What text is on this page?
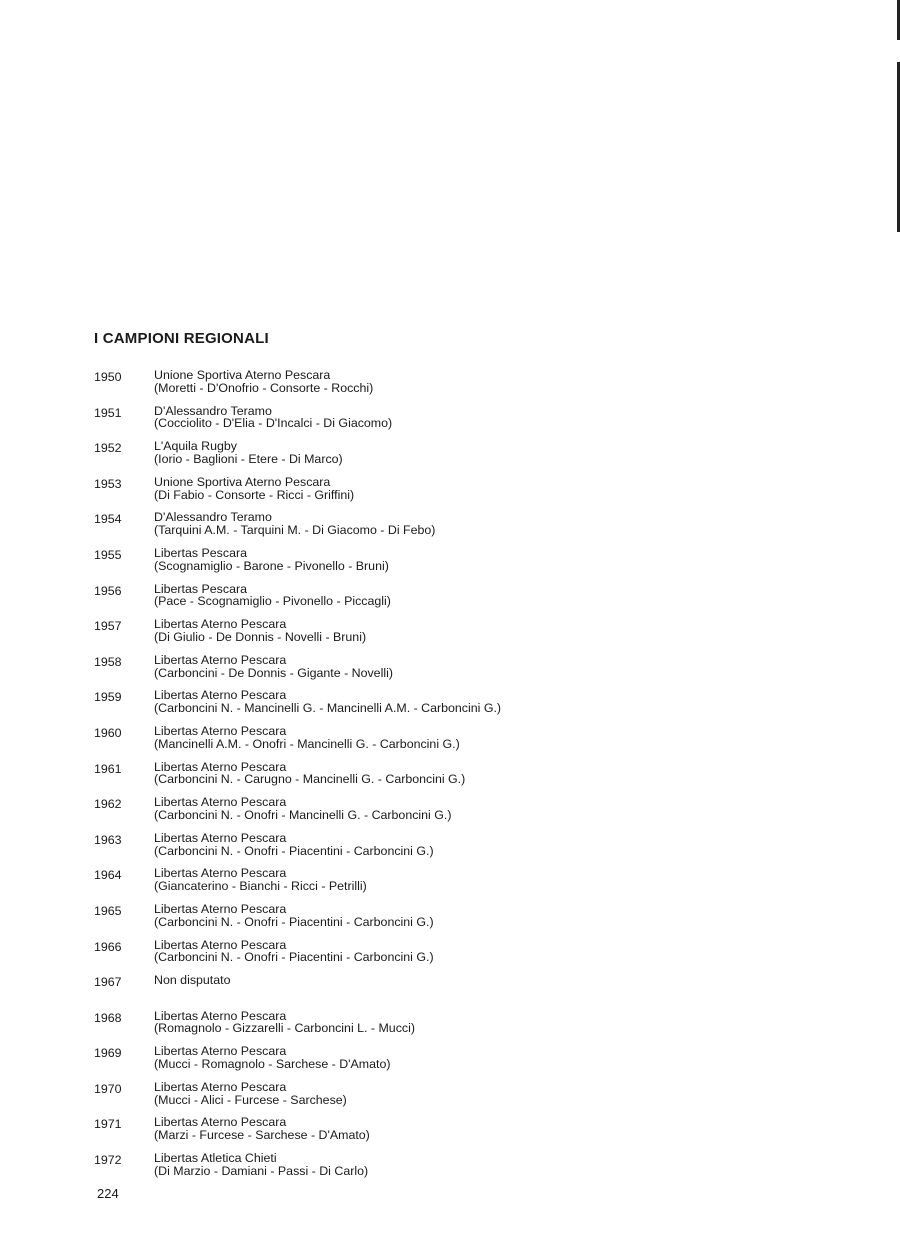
I CAMPIONI REGIONALI
1950	Unione Sportiva Aterno Pescara
(Moretti - D'Onofrio - Consorte - Rocchi)
1951	D'Alessandro Teramo
(Cocciolito - D'Elia - D'Incalci - Di Giacomo)
1952	L'Aquila Rugby
(Iorio - Baglioni - Etere - Di Marco)
1953	Unione Sportiva Aterno Pescara
(Di Fabio - Consorte - Ricci - Griffini)
1954	D'Alessandro Teramo
(Tarquini A.M. - Tarquini M. - Di Giacomo - Di Febo)
1955	Libertas Pescara
(Scognamiglio - Barone - Pivonello - Bruni)
1956	Libertas Pescara
(Pace - Scognamiglio - Pivonello - Piccagli)
1957	Libertas Aterno Pescara
(Di Giulio - De Donnis - Novelli - Bruni)
1958	Libertas Aterno Pescara
(Carboncini - De Donnis - Gigante - Novelli)
1959	Libertas Aterno Pescara
(Carboncini N. - Mancinelli G. - Mancinelli A.M. - Carboncini G.)
1960	Libertas Aterno Pescara
(Mancinelli A.M. - Onofri - Mancinelli G. - Carboncini G.)
1961	Libertas Aterno Pescara
(Carboncini N. - Carugno - Mancinelli G. - Carboncini G.)
1962	Libertas Aterno Pescara
(Carboncini N. - Onofri - Mancinelli G. - Carboncini G.)
1963	Libertas Aterno Pescara
(Carboncini N. - Onofri - Piacentini - Carboncini G.)
1964	Libertas Aterno Pescara
(Giancaterino - Bianchi - Ricci - Petrilli)
1965	Libertas Aterno Pescara
(Carboncini N. - Onofri - Piacentini - Carboncini G.)
1966	Libertas Aterno Pescara
(Carboncini N. - Onofri - Piacentini - Carboncini G.)
1967	Non disputato
1968	Libertas Aterno Pescara
(Romagnolo - Gizzarelli - Carboncini L. - Mucci)
1969	Libertas Aterno Pescara
(Mucci - Romagnolo - Sarchese - D'Amato)
1970	Libertas Aterno Pescara
(Mucci - Alici - Furcese - Sarchese)
1971	Libertas Aterno Pescara
(Marzi - Furcese - Sarchese - D'Amato)
1972	Libertas Atletica Chieti
(Di Marzio - Damiani - Passi - Di Carlo)
224
